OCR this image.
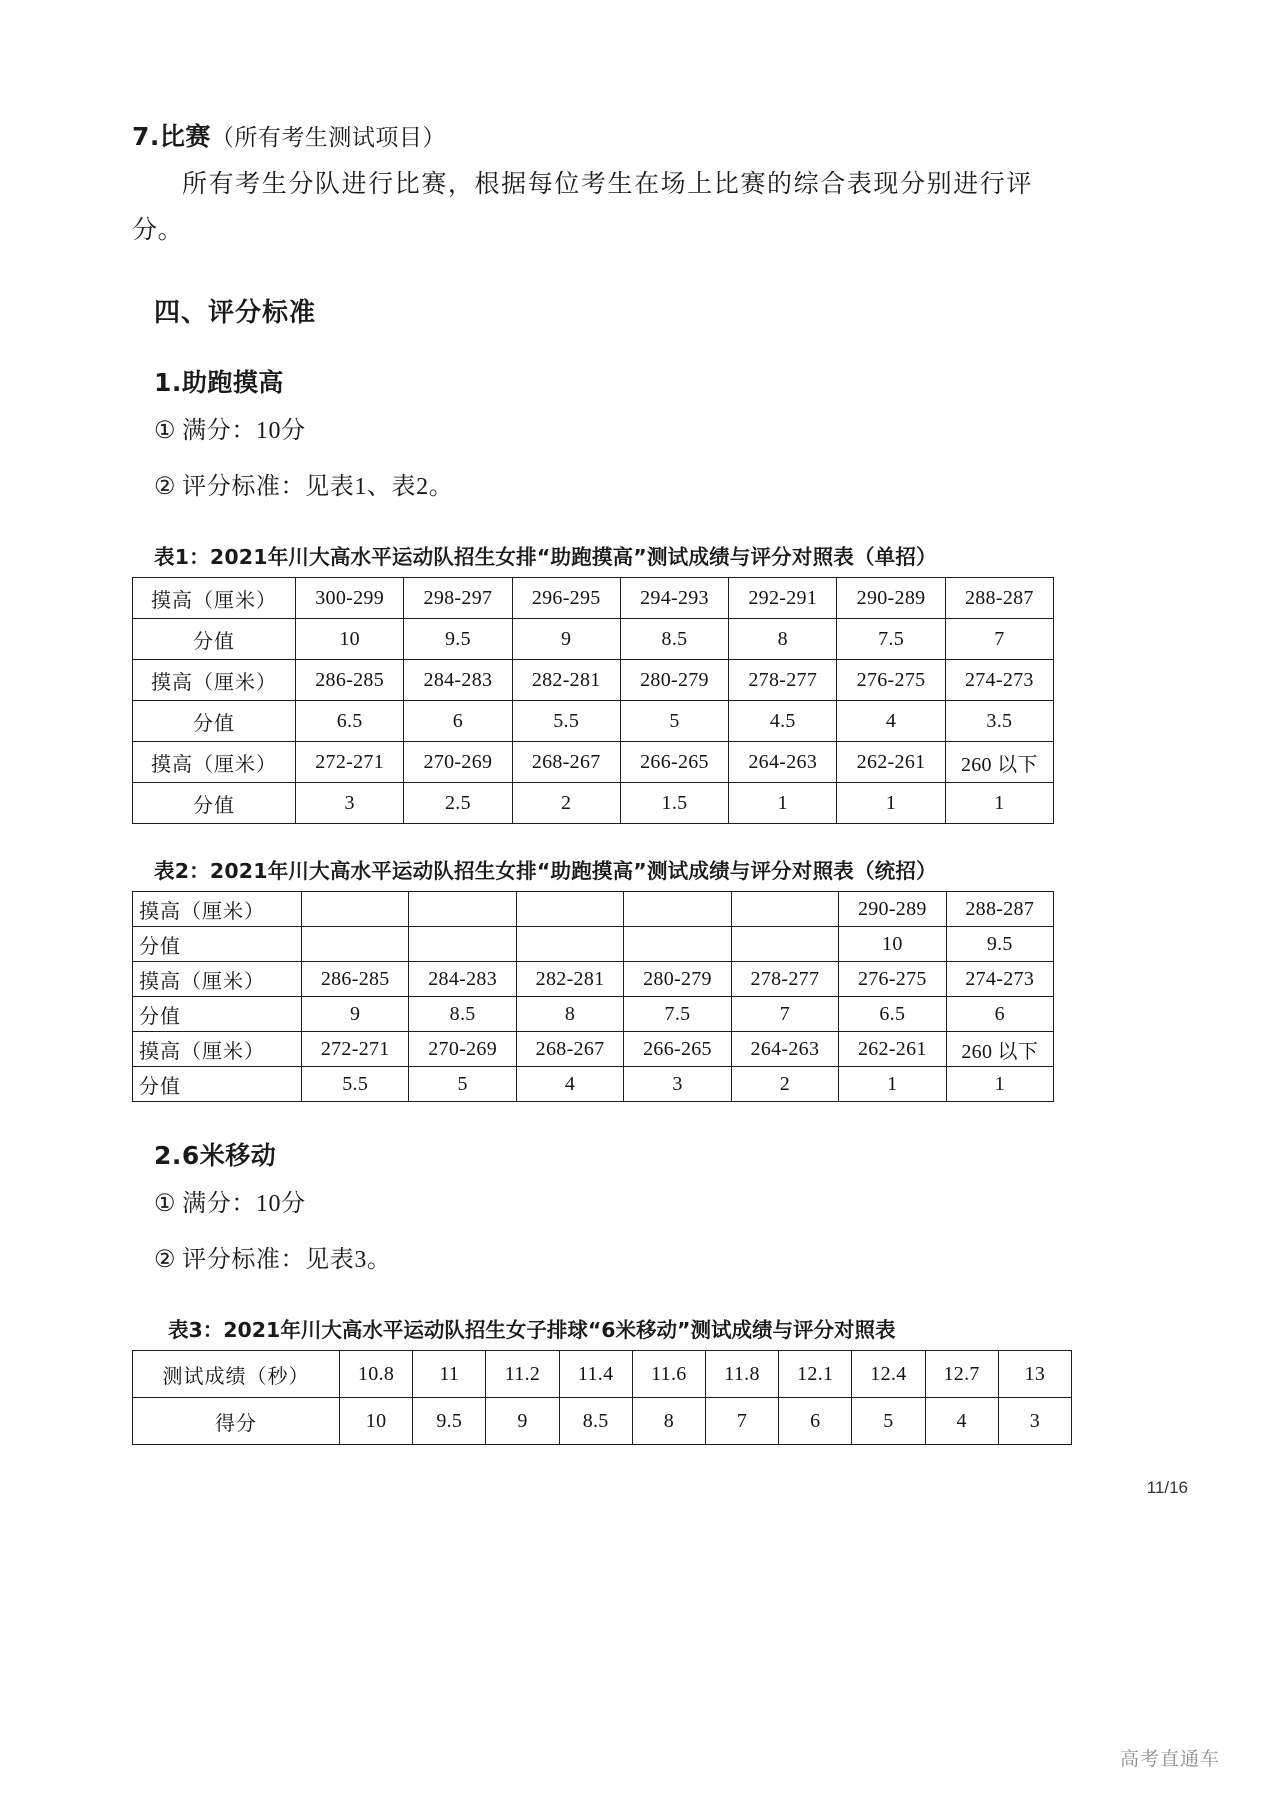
7.比赛（所有考生测试项目）

所有考生分队进行比赛，根据每位考生在场上比赛的综合表现分别进行评分。

四、评分标准
1.助跑摸高
① 满分：10分
② 评分标准：见表1、表2。
表1：2021年川大高水平运动队招生女排“助跑摸高”测试成绩与评分对照表（单招）
摸高（厘米）	300-299	298-297	296-295	294-293	292-291	290-289	288-287
分值	10	9.5	9	8.5	8	7.5	7
摸高（厘米）	286-285	284-283	282-281	280-279	278-277	276-275	274-273
分值	6.5	6	5.5	5	4.5	4	3.5
摸高（厘米）	272-271	270-269	268-267	266-265	264-263	262-261	260 以下
分值	3	2.5	2	1.5	1	1	1
表2：2021年川大高水平运动队招生女排“助跑摸高”测试成绩与评分对照表（统招）
摸高（厘米）						290-289	288-287
分值						10	9.5
摸高（厘米）	286-285	284-283	282-281	280-279	278-277	276-275	274-273
分值	9	8.5	8	7.5	7	6.5	6
摸高（厘米）	272-271	270-269	268-267	266-265	264-263	262-261	260 以下
分值	5.5	5	4	3	2	1	1
2.6米移动
① 满分：10分
② 评分标准：见表3。
表3：2021年川大高水平运动队招生女子排球“6米移动”测试成绩与评分对照表
测试成绩（秒）	10.8	11	11.2	11.4	11.6	11.8	12.1	12.4	12.7	13
得分	10	9.5	9	8.5	8	7	6	5	4	3
11/16
高考直通车
